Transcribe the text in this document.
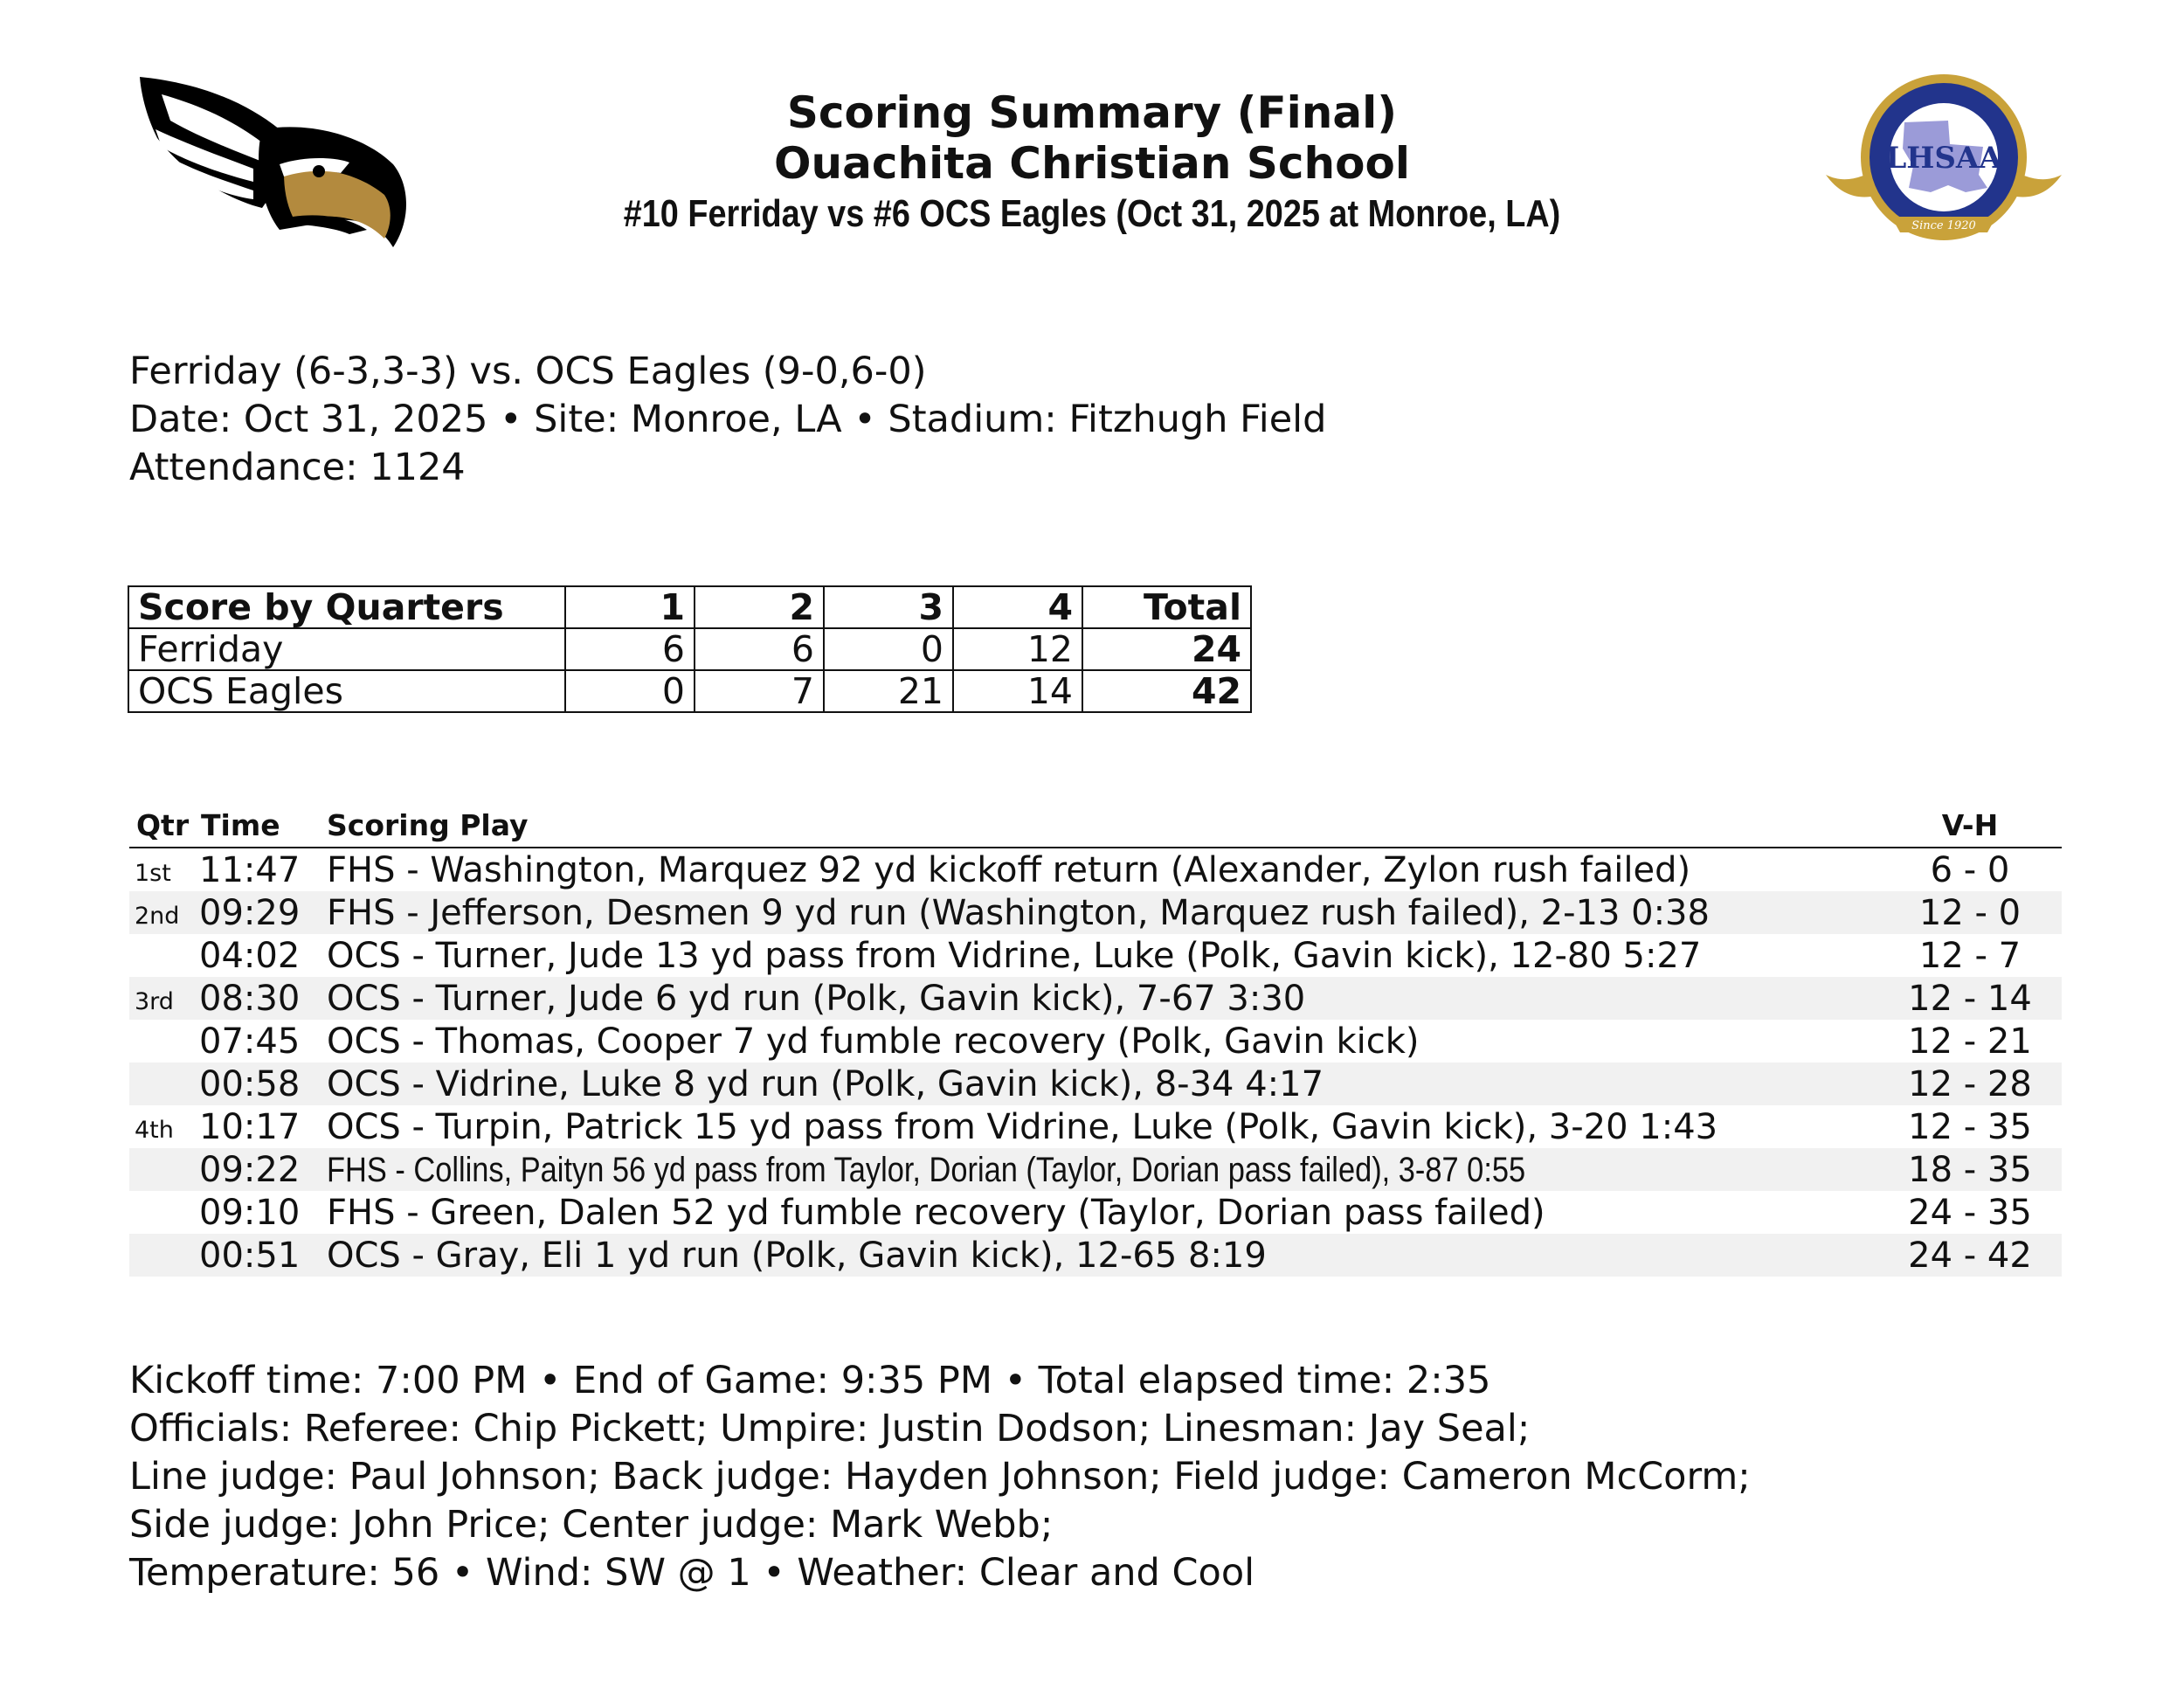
LHSAA
Since 1920
Scoring Summary (Final)
Ouachita Christian School
#10 Ferriday vs #6 OCS Eagles (Oct 31, 2025 at Monroe, LA)
Ferriday (6-3,3-3) vs. OCS Eagles (9-0,6-0)
Date: Oct 31, 2025 • Site: Monroe, LA • Stadium: Fitzhugh Field
Attendance: 1124
Score by Quarters	1	2	3	4	Total
Ferriday	6	6	0	12	24
OCS Eagles	0	7	21	14	42
Qtr Time Scoring Play	V-H
1st 11:47 FHS - Washington, Marquez 92 yd kickoff return (Alexander, Zylon rush failed)	6 - 0
2nd 09:29 FHS - Jefferson, Desmen 9 yd run (Washington, Marquez rush failed), 2-13 0:38	12 - 0
04:02 OCS - Turner, Jude 13 yd pass from Vidrine, Luke (Polk, Gavin kick), 12-80 5:27	12 - 7
3rd 08:30 OCS - Turner, Jude 6 yd run (Polk, Gavin kick), 7-67 3:30	12 - 14
07:45 OCS - Thomas, Cooper 7 yd fumble recovery (Polk, Gavin kick)	12 - 21
00:58 OCS - Vidrine, Luke 8 yd run (Polk, Gavin kick), 8-34 4:17	12 - 28
4th 10:17 OCS - Turpin, Patrick 15 yd pass from Vidrine, Luke (Polk, Gavin kick), 3-20 1:43	12 - 35
09:22 FHS - Collins, Paityn 56 yd pass from Taylor, Dorian (Taylor, Dorian pass failed), 3-87 0:55	18 - 35
09:10 FHS - Green, Dalen 52 yd fumble recovery (Taylor, Dorian pass failed)	24 - 35
00:51 OCS - Gray, Eli 1 yd run (Polk, Gavin kick), 12-65 8:19	24 - 42
Kickoff time: 7:00 PM • End of Game: 9:35 PM • Total elapsed time: 2:35
Officials: Referee: Chip Pickett; Umpire: Justin Dodson; Linesman: Jay Seal;
Line judge: Paul Johnson; Back judge: Hayden Johnson; Field judge: Cameron McCorm;
Side judge: John Price; Center judge: Mark Webb;
Temperature: 56 • Wind: SW @ 1 • Weather: Clear and Cool
